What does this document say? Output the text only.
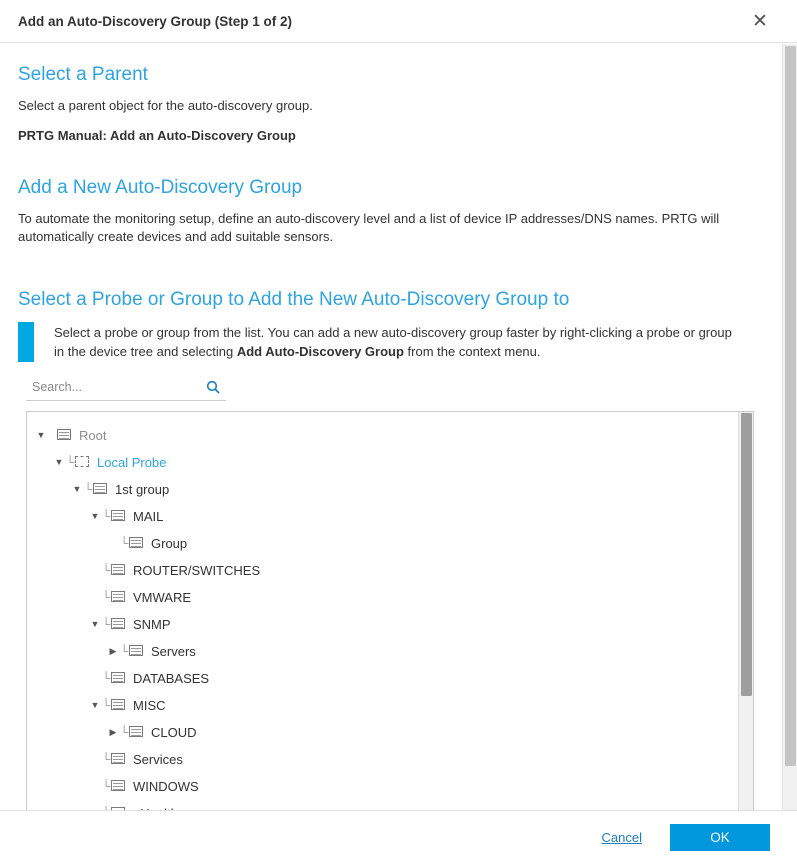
Add an Auto-Discovery Group (Step 1 of 2)	✕
Select a Parent

Select a parent object for the auto-discovery group.

PRTG Manual: Add an Auto-Discovery Group
Add a New Auto-Discovery Group

To automate the monitoring setup, define an auto-discovery level and a list of device IP addresses/DNS names. PRTG will automatically create devices and add suitable sensors.

Select a Probe or Group to Add the New Auto-Discovery Group to
Select a probe or group from the list. You can add a new auto-discovery group faster by right-clicking a probe or group in the device tree and selecting Add Auto-Discovery Group from the context menu.
Search...
▼
	Root
▼ └ Local Probe
▼ └ 1st group
▼ └ MAIL

└ Group

└ ROUTER/SWITCHES

└ VMWARE
▼ └ SNMP
▶ └ Servers

└ DATABASES
▼ └ MISC
▶ └ CLOUD

└ Services

└ WINDOWS

Cancel	OK
